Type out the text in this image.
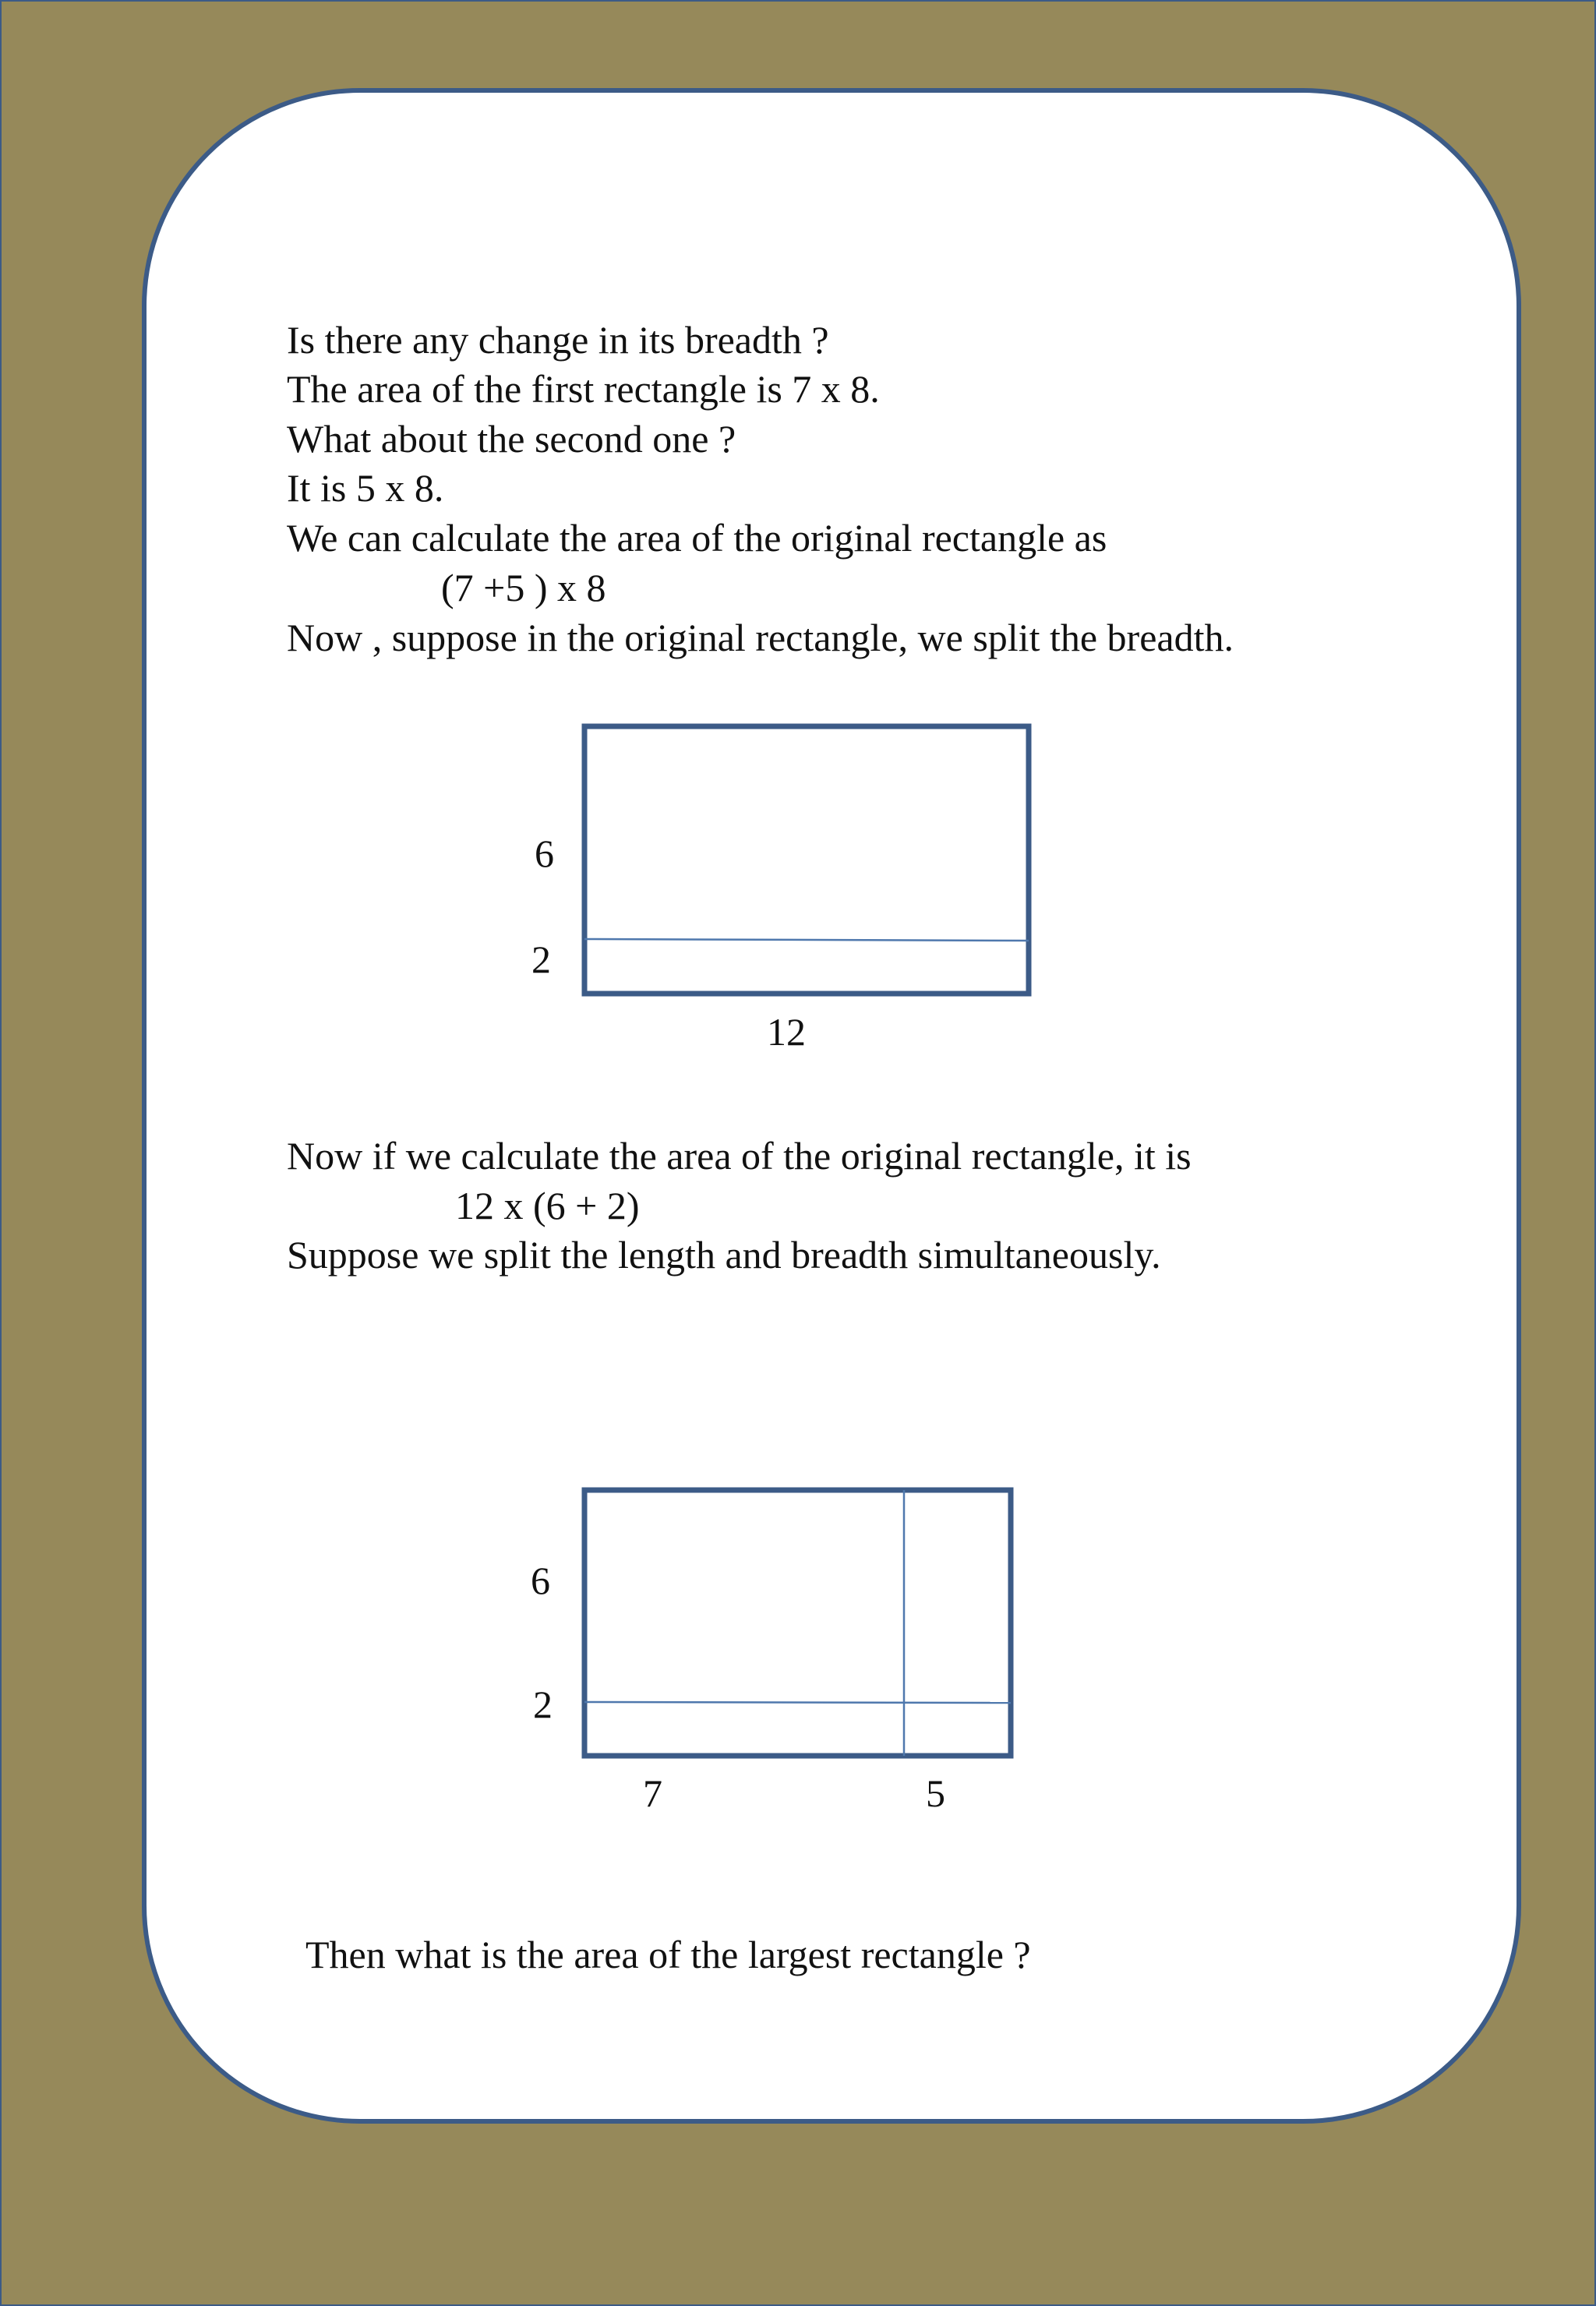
Is there any change in its breadth ?
The area of the first rectangle is 7 x 8.
What about the second one ?
It is 5 x 8.
We can calculate the area of the original rectangle as
(7 +5 ) x 8
Now , suppose in the original rectangle, we split the breadth.
6
2
12
Now if we calculate the area of the original rectangle, it is
12 x (6 + 2)
Suppose we split the length and breadth simultaneously.
6
2
7	5
Then what is the area of the largest rectangle ?
